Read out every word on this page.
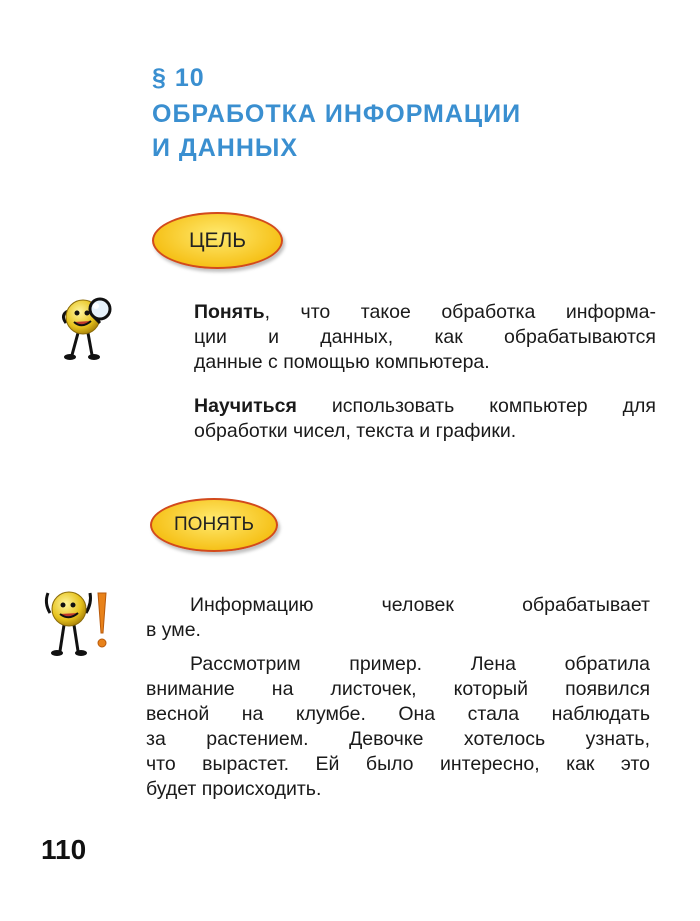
§ 10
ОБРАБОТКА ИНФОРМАЦИИ
И ДАННЫХ
ЦЕЛЬ
Понять, что такое обработка информа-
ции и данных, как обрабатываются
данные с помощью компьютера.
Научиться использовать компьютер для
обработки чисел, текста и графики.
ПОНЯТЬ
Информацию человек обрабатывает
в уме.
Рассмотрим пример. Лена обратила
внимание на листочек, который появился
весной на клумбе. Она стала наблюдать
за растением. Девочке хотелось узнать,
что вырастет. Ей было интересно, как это
будет происходить.
110
